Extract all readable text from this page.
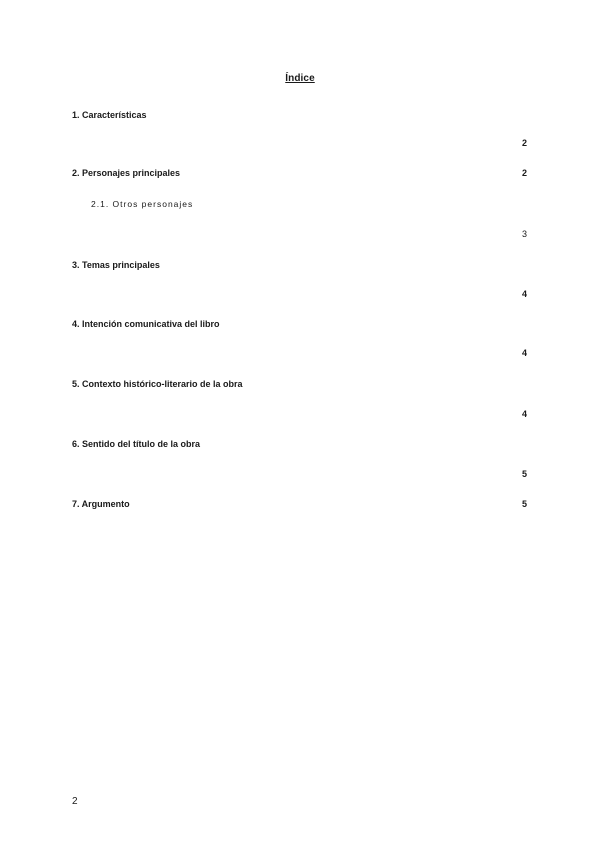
Índice
1. Características
2
2. Personajes principales	2
2.1. Otros personajes
3
3. Temas principales
4
4. Intención comunicativa del libro
4
5. Contexto histórico-literario de la obra
4
6. Sentido del título de la obra
5
7. Argumento	5
2
